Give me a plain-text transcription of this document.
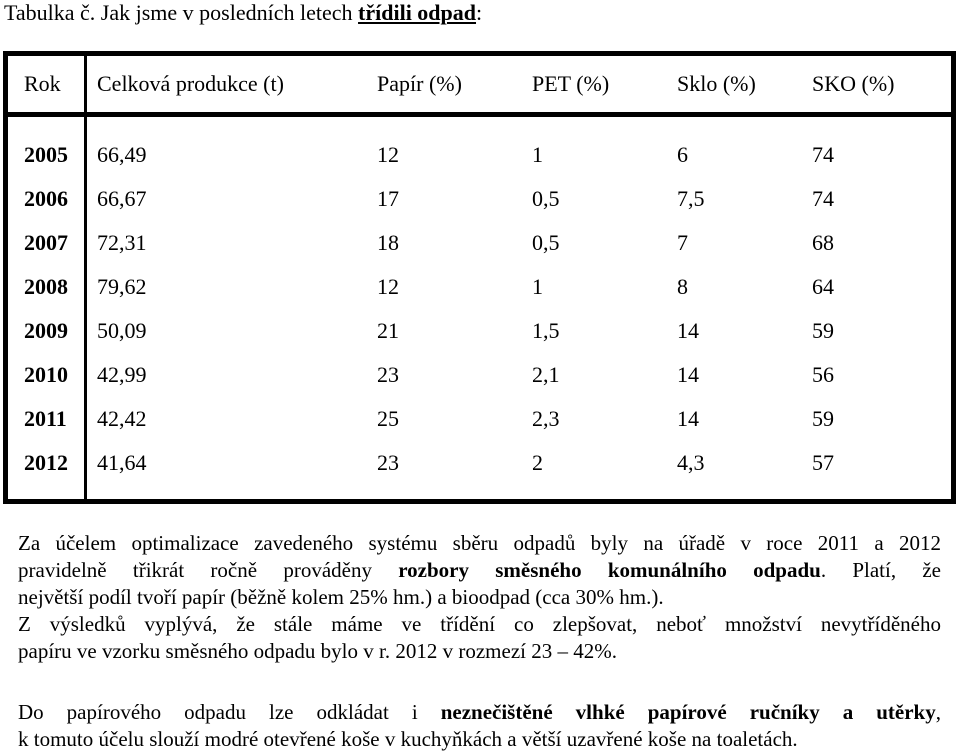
Tabulka č. Jak jsme v posledních letech třídili odpad:
Rok	Celková produkce (t)	Papír (%)	PET (%)	Sklo (%)	SKO (%)

2005	66,49	12	1	6	74
2006	66,67	17	0,5	7,5	74
2007	72,31	18	0,5	7	68
2008	79,62	12	1	8	64
2009	50,09	21	1,5	14	59
2010	42,99	23	2,1	14	56
2011	42,42	25	2,3	14	59
2012	41,64	23	2	4,3	57

Za účelem optimalizace zavedeného systému sběru odpadů byly na úřadě v roce 2011 a 2012
pravidelně třikrát ročně prováděny rozbory směsného komunálního odpadu. Platí, že
největší podíl tvoří papír (běžně kolem 25% hm.) a bioodpad (cca 30% hm.).
Z výsledků vyplývá, že stále máme ve třídění co zlepšovat, neboť množství nevytříděného
papíru ve vzorku směsného odpadu bylo v r. 2012 v rozmezí 23 – 42%.
Do papírového odpadu lze odkládat i neznečištěné vlhké papírové ručníky a utěrky,
k tomuto účelu slouží modré otevřené koše v kuchyňkách a větší uzavřené koše na toaletách.
